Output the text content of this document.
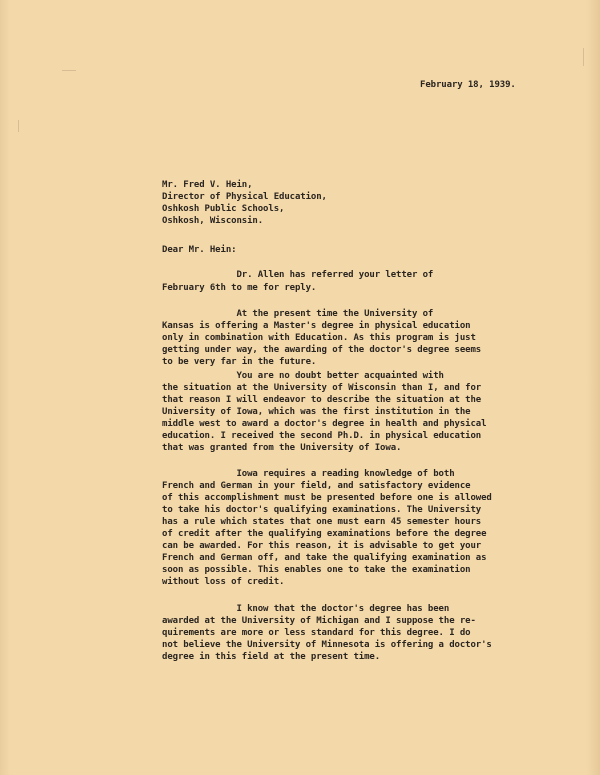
February 18, 1939.
Mr. Fred V. Hein,
Director of Physical Education,
Oshkosh Public Schools,
Oshkosh, Wisconsin.
Dear Mr. Hein:
Dr. Allen has referred your letter of
February 6th to me for reply.
At the present time the University of
Kansas is offering a Master's degree in physical education
only in combination with Education. As this program is just
getting under way, the awarding of the doctor's degree seems
to be very far in the future.
You are no doubt better acquainted with
the situation at the University of Wisconsin than I, and for
that reason I will endeavor to describe the situation at the
University of Iowa, which was the first institution in the
middle west to award a doctor's degree in health and physical
education. I received the second Ph.D. in physical education
that was granted from the University of Iowa.
Iowa requires a reading knowledge of both
French and German in your field, and satisfactory evidence
of this accomplishment must be presented before one is allowed
to take his doctor's qualifying examinations. The University
has a rule which states that one must earn 45 semester hours
of credit after the qualifying examinations before the degree
can be awarded. For this reason, it is advisable to get your
French and German off, and take the qualifying examination as
soon as possible. This enables one to take the examination
without loss of credit.
I know that the doctor's degree has been
awarded at the University of Michigan and I suppose the re-
quirements are more or less standard for this degree. I do
not believe the University of Minnesota is offering a doctor's
degree in this field at the present time.
